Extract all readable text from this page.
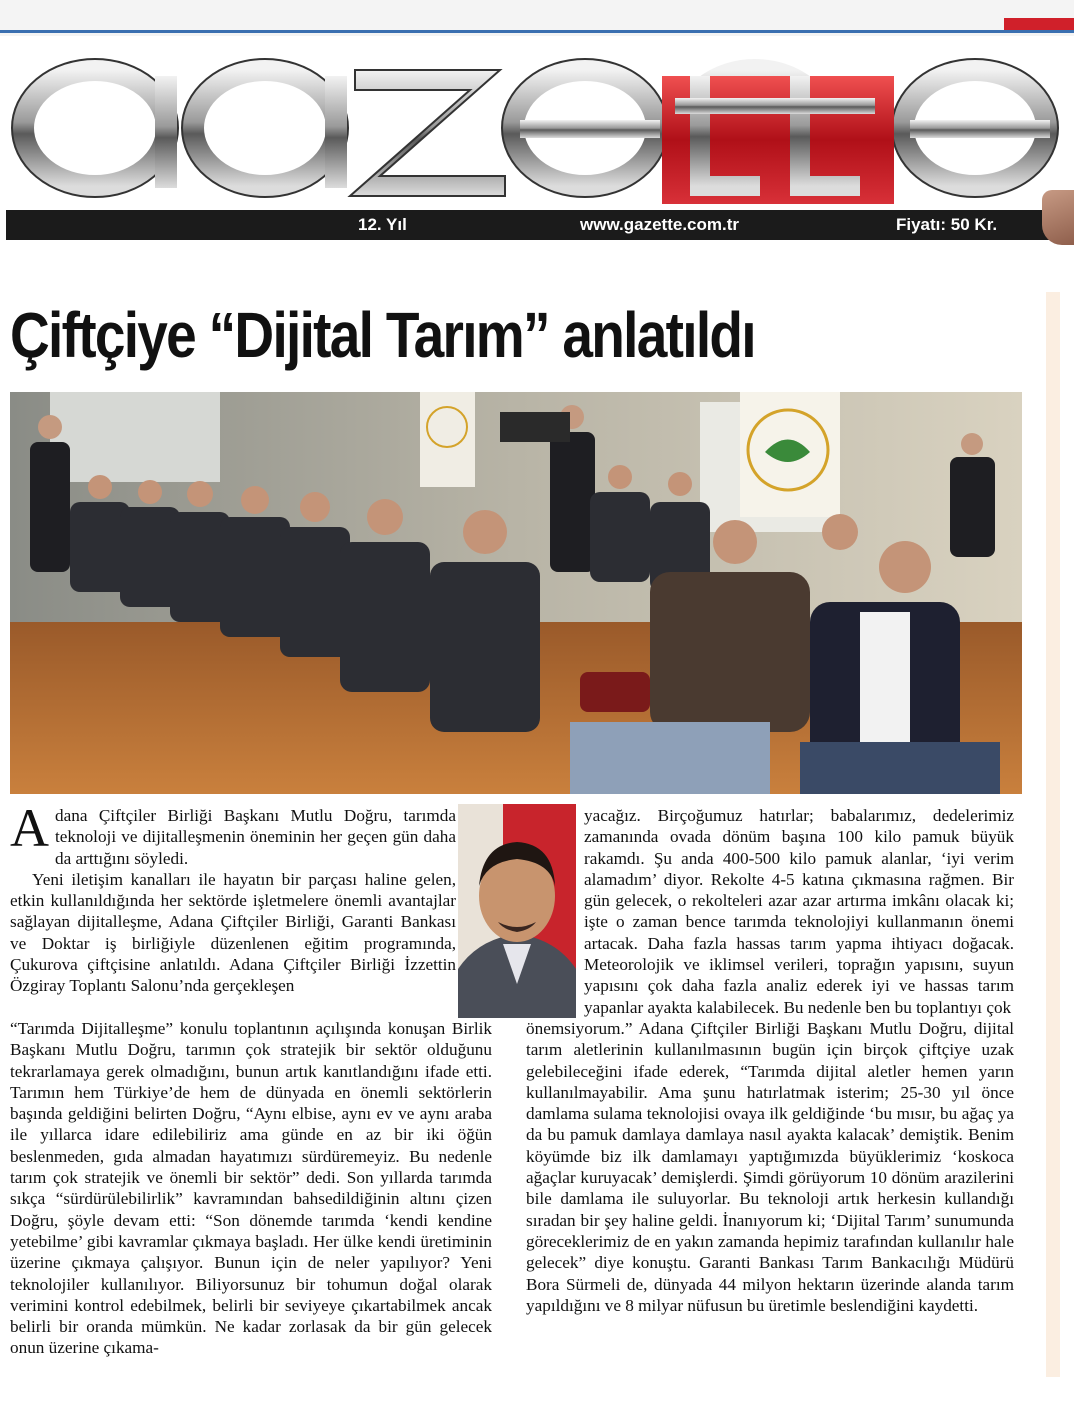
12. Yıl	www.gazette.com.tr	Fiyatı: 50 Kr.
Çiftçiye “Dijital Tarım” anlatıldı

Adana Çiftçiler Birliği Başkanı Mutlu Doğru, tarımda teknoloji ve dijitalleşmenin öneminin her geçen gün daha da arttığını söyledi.

Yeni iletişim kanalları ile hayatın bir parçası haline gelen, etkin kullanıldığında her sektörde işletmelere önemli avantajlar sağlayan dijitalleşme, Adana Çiftçiler Birliği, Garanti Bankası ve Doktar iş birliğiyle düzenlenen eğitim programında, Çukurova çiftçisine anlatıldı. Adana Çiftçiler Birliği İzzettin Özgiray Toplantı Salonu’nda gerçekleşen

“Tarımda Dijitalleşme” konulu toplantının açılışında konuşan Birlik Başkanı Mutlu Doğru, tarımın çok stratejik bir sektör olduğunu tekrarlamaya gerek olmadığını, bunun artık kanıtlandığını ifade etti. Tarımın hem Türkiye’de hem de dünyada en önemli sektörlerin başında geldiğini belirten Doğru, “Aynı elbise, aynı ev ve aynı araba ile yıllarca idare edilebiliriz ama günde en az bir iki öğün beslenmeden, gıda almadan hayatımızı sürdüremeyiz. Bu nedenle tarım çok stratejik ve önemli bir sektör” dedi. Son yıllarda tarımda sıkça “sürdürülebilirlik” kavramından bahsedildiğinin altını çizen Doğru, şöyle devam etti: “Son dönemde tarımda ‘kendi kendine yetebilme’ gibi kavramlar çıkmaya başladı. Her ülke kendi üretiminin üzerine çıkmaya çalışıyor. Bunun için de neler yapılıyor? Yeni teknolojiler kullanılıyor. Biliyorsunuz bir tohumun doğal olarak verimini kontrol edebilmek, belirli bir seviyeye çıkartabilmek ancak belirli bir oranda mümkün. Ne kadar zorlasak da bir gün gelecek onun üzerine çıkama-

yacağız. Birçoğumuz hatırlar; babalarımız, dedelerimiz zamanında ovada dönüm başına 100 kilo pamuk büyük rakamdı. Şu anda 400-500 kilo pamuk alanlar, ‘iyi verim alamadım’ diyor. Rekolte 4-5 katına çıkmasına rağmen. Bir gün gelecek, o rekolteleri azar azar artırma imkânı olacak ki; işte o zaman bence tarımda teknolojiyi kullanmanın önemi artacak. Daha fazla hassas tarım yapma ihtiyacı doğacak. Meteorolojik ve iklimsel verileri, toprağın yapısını, suyun yapısını çok daha fazla analiz ederek iyi ve hassas tarım yapanlar ayakta kalabilecek. Bu nedenle ben bu toplantıyı çok

önemsiyorum.” Adana Çiftçiler Birliği Başkanı Mutlu Doğru, dijital tarım aletlerinin kullanılmasının bugün için birçok çiftçiye uzak gelebileceğini ifade ederek, “Tarımda dijital aletler hemen yarın kullanılmayabilir. Ama şunu hatırlatmak isterim; 25-30 yıl önce damlama sulama teknolojisi ovaya ilk geldiğinde ‘bu mısır, bu ağaç ya da bu pamuk damlaya damlaya nasıl ayakta kalacak’ demiştik. Benim köyümde biz ilk damlamayı yaptığımızda büyüklerimiz ‘koskoca ağaçlar kuruyacak’ demişlerdi. Şimdi görüyorum 10 dönüm arazilerini bile damlama ile suluyorlar. Bu teknoloji artık herkesin kullandığı sıradan bir şey haline geldi. İnanıyorum ki; ‘Dijital Tarım’ sunumunda göreceklerimiz de en yakın zamanda hepimiz tarafından kullanılır hale gelecek” diye konuştu. Garanti Bankası Tarım Bankacılığı Müdürü Bora Sürmeli de, dünyada 44 milyon hektarın üzerinde alanda tarım yapıldığını ve 8 milyar nüfusun bu üretimle beslendiğini kaydetti.
